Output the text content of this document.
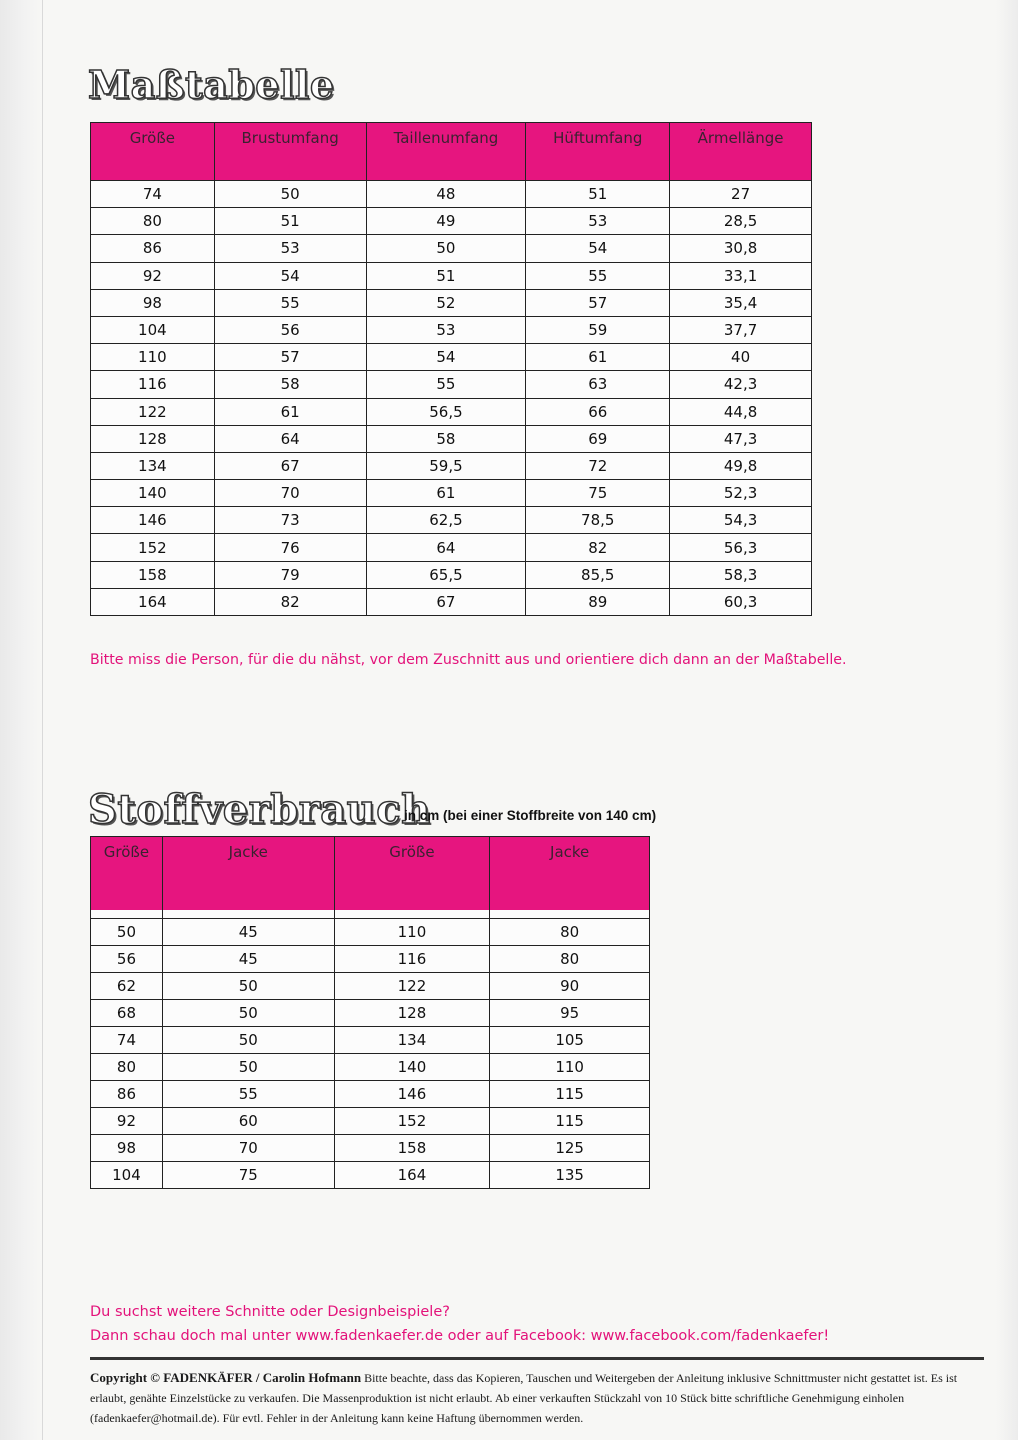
Maßtabelle
Größe	Brustumfang	Taillenumfang	Hüftumfang	Ärmellänge
74	50	48	51	27
80	51	49	53	28,5
86	53	50	54	30,8
92	54	51	55	33,1
98	55	52	57	35,4
104	56	53	59	37,7
110	57	54	61	40
116	58	55	63	42,3
122	61	56,5	66	44,8
128	64	58	69	47,3
134	67	59,5	72	49,8
140	70	61	75	52,3
146	73	62,5	78,5	54,3
152	76	64	82	56,3
158	79	65,5	85,5	58,3
164	82	67	89	60,3
Bitte miss die Person, für die du nähst, vor dem Zuschnitt aus und orientiere dich dann an der Maßtabelle.
Stoffverbrauch
in cm (bei einer Stoffbreite von 140 cm)
Größe	Jacke	Größe	Jacke

50	45	110	80
56	45	116	80
62	50	122	90
68	50	128	95
74	50	134	105
80	50	140	110
86	55	146	115
92	60	152	115
98	70	158	125
104	75	164	135
Du suchst weitere Schnitte oder Designbeispiele?
Dann schau doch mal unter www.fadenkaefer.de oder auf Facebook: www.facebook.com/fadenkaefer!
Copyright © FADENKÄFER / Carolin Hofmann Bitte beachte, dass das Kopieren, Tauschen und Weitergeben der Anleitung inklusive Schnittmuster nicht gestattet ist. Es ist erlaubt, genähte Einzelstücke zu verkaufen. Die Massenproduktion ist nicht erlaubt. Ab einer verkauften Stückzahl von 10 Stück bitte schriftliche Genehmigung einholen (fadenkaefer@hotmail.de). Für evtl. Fehler in der Anleitung kann keine Haftung übernommen werden.
